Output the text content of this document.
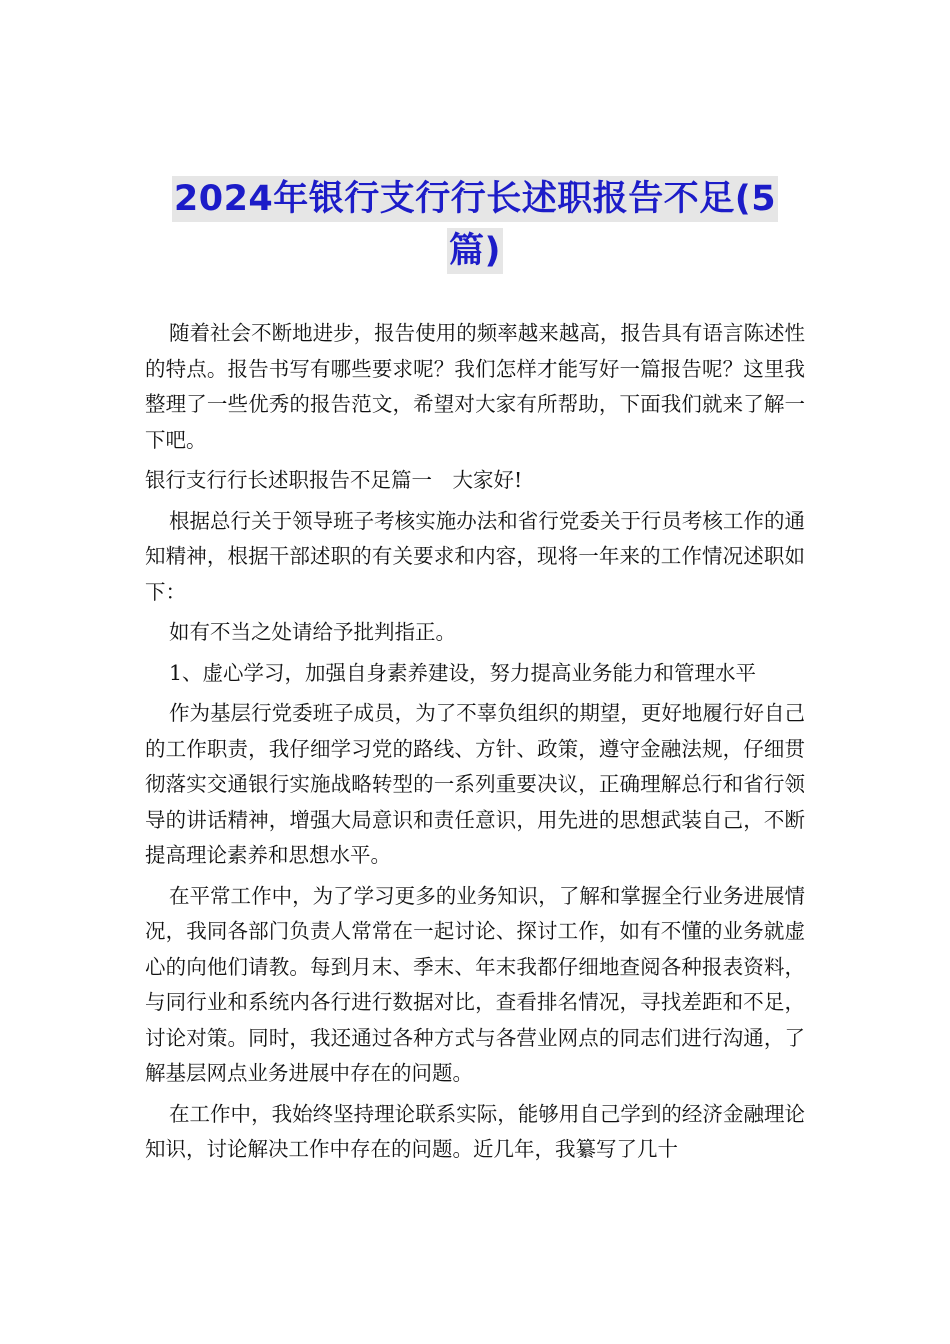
2024年银行支行行长述职报告不足(5
篇)

随着社会不断地进步，报告使用的频率越来越高，报告具有语言陈述性的特点。报告书写有哪些要求呢？我们怎样才能写好一篇报告呢？这里我整理了一些优秀的报告范文，希望对大家有所帮助，下面我们就来了解一下吧。

银行支行行长述职报告不足篇一　大家好!

根据总行关于领导班子考核实施办法和省行党委关于行员考核工作的通知精神，根据干部述职的有关要求和内容，现将一年来的工作情况述职如下：

如有不当之处请给予批判指正。

1、虚心学习，加强自身素养建设，努力提高业务能力和管理水平

作为基层行党委班子成员，为了不辜负组织的期望，更好地履行好自己的工作职责，我仔细学习党的路线、方针、政策，遵守金融法规，仔细贯彻落实交通银行实施战略转型的一系列重要决议，正确理解总行和省行领导的讲话精神，增强大局意识和责任意识，用先进的思想武装自己，不断提高理论素养和思想水平。

在平常工作中，为了学习更多的业务知识，了解和掌握全行业务进展情况，我同各部门负责人常常在一起讨论、探讨工作，如有不懂的业务就虚心的向他们请教。每到月末、季末、年末我都仔细地查阅各种报表资料，与同行业和系统内各行进行数据对比，查看排名情况，寻找差距和不足，讨论对策。同时，我还通过各种方式与各营业网点的同志们进行沟通，了解基层网点业务进展中存在的问题。

在工作中，我始终坚持理论联系实际，能够用自己学到的经济金融理论知识，讨论解决工作中存在的问题。近几年，我纂写了几十
